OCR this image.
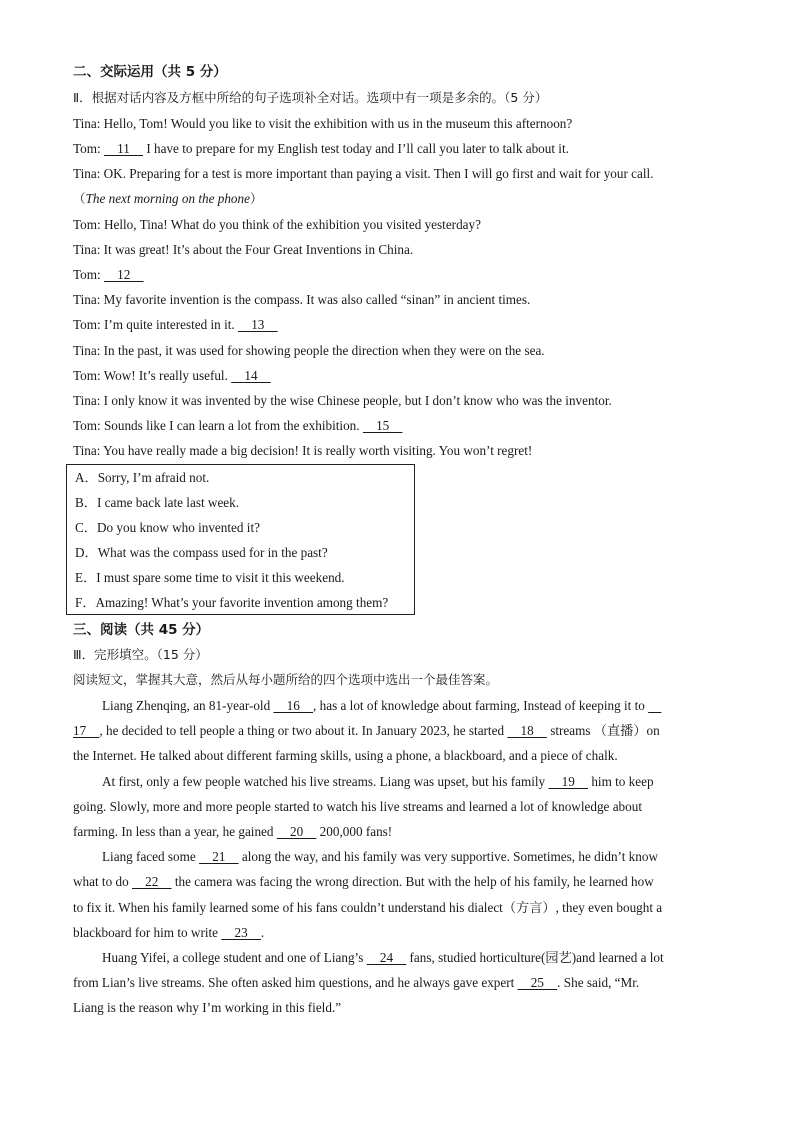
二、交际运用（共 5 分）
Ⅱ．根据对话内容及方框中所给的句子选项补全对话。选项中有一项是多余的。（5 分）
Tina: Hello, Tom! Would you like to visit the exhibition with us in the museum this afternoon?
Tom:     11     I have to prepare for my English test today and I’ll call you later to talk about it.
Tina: OK. Preparing for a test is more important than paying a visit. Then I will go first and wait for your call.
（The next morning on the phone）
Tom: Hello, Tina! What do you think of the exhibition you visited yesterday?
Tina: It was great! It’s about the Four Great Inventions in China.
Tom:     12
Tina: My favorite invention is the compass. It was also called “sinan” in ancient times.
Tom: I’m quite interested in it.     13
Tina: In the past, it was used for showing people the direction when they were on the sea.
Tom: Wow! It’s really useful.     14
Tina: I only know it was invented by the wise Chinese people, but I don’t know who was the inventor.
Tom: Sounds like I can learn a lot from the exhibition.     15
Tina: You have really made a big decision! It is really worth visiting. You won’t regret!
A．Sorry, I’m afraid not.
B．I came back late last week.
C．Do you know who invented it?
D．What was the compass used for in the past?
E．I must spare some time to visit it this weekend.
F．Amazing! What’s your favorite invention among them?
三、阅读（共 45 分）
Ⅲ．完形填空。（15 分）
阅读短文，掌握其大意，然后从每小题所给的四个选项中选出一个最佳答案。
Liang Zhenqing, an 81-year-old     16    , has a lot of knowledge about farming, Instead of keeping it to
17    , he decided to tell people a thing or two about it. In January 2023, he started     18     streams （直播）on
the Internet. He talked about different farming skills, using a phone, a blackboard, and a piece of chalk.
At first, only a few people watched his live streams. Liang was upset, but his family     19     him to keep
going. Slowly, more and more people started to watch his live streams and learned a lot of knowledge about
farming. In less than a year, he gained     20     200,000 fans!
Liang faced some     21     along the way, and his family was very supportive. Sometimes, he didn’t know
what to do     22     the camera was facing the wrong direction. But with the help of his family, he learned how
to fix it. When his family learned some of his fans couldn’t understand his dialect（方言）, they even bought a
blackboard for him to write     23    .
Huang Yifei, a college student and one of Liang’s     24     fans, studied horticulture(园艺)and learned a lot
from Lian’s live streams. She often asked him questions, and he always gave expert     25    . She said, “Mr.
Liang is the reason why I’m working in this field.”
